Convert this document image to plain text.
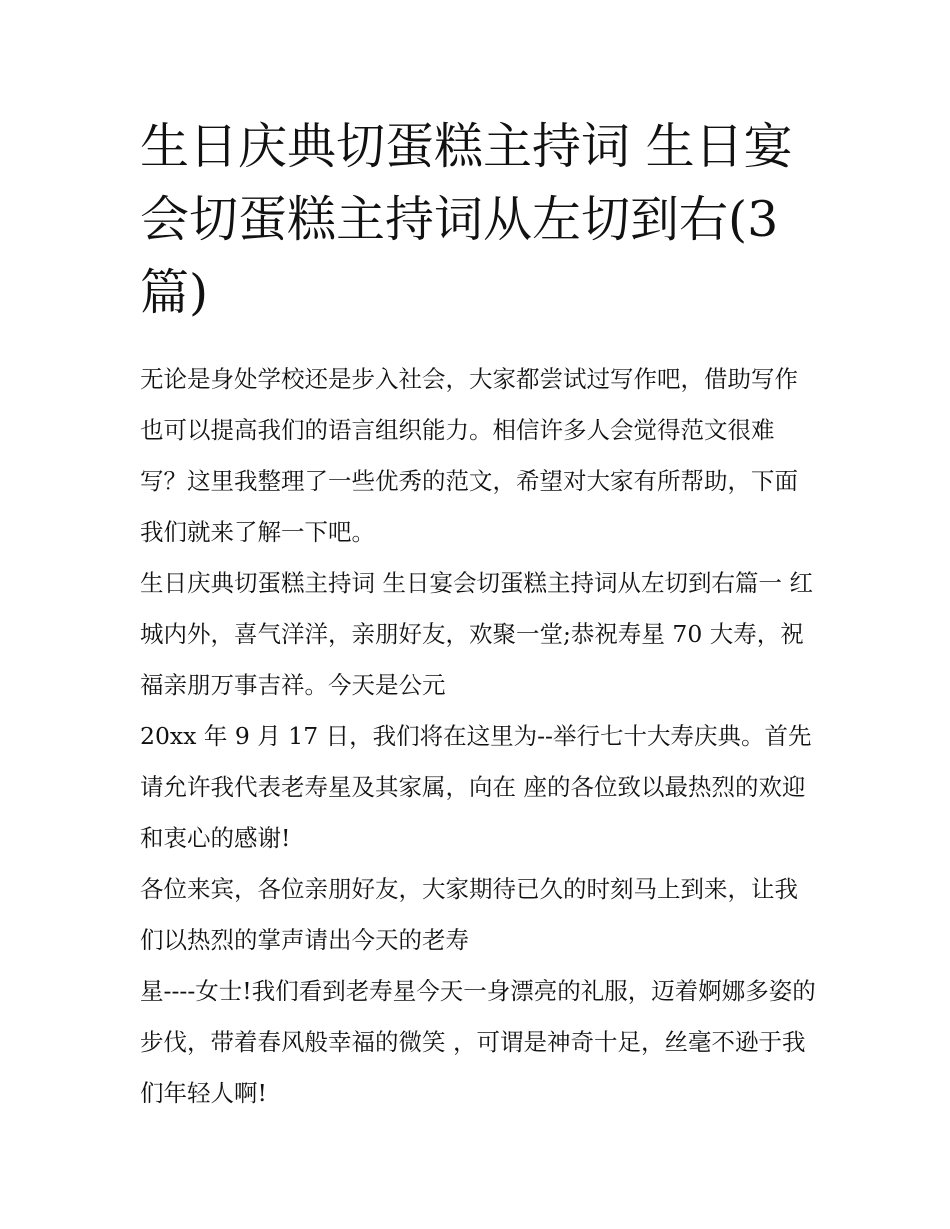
生日庆典切蛋糕主持词 生日宴会切蛋糕主持词从左切到右(3篇)

无论是身处学校还是步入社会，大家都尝试过写作吧，借助写作也可以提高我们的语言组织能力。相信许多人会觉得范文很难写？这里我整理了一些优秀的范文，希望对大家有所帮助，下面我们就来了解一下吧。

生日庆典切蛋糕主持词 生日宴会切蛋糕主持词从左切到右篇一 红城内外，喜气洋洋，亲朋好友，欢聚一堂;恭祝寿星 70 大寿，祝福亲朋万事吉祥。今天是公元

20xx 年 9 月 17 日，我们将在这里为--举行七十大寿庆典。首先请允许我代表老寿星及其家属，向在 座的各位致以最热烈的欢迎和衷心的感谢!

各位来宾，各位亲朋好友，大家期待已久的时刻马上到来，让我们以热烈的掌声请出今天的老寿

星----女士!我们看到老寿星今天一身漂亮的礼服，迈着婀娜多姿的步伐，带着春风般幸福的微笑 ，可谓是神奇十足，丝毫不逊于我们年轻人啊!
